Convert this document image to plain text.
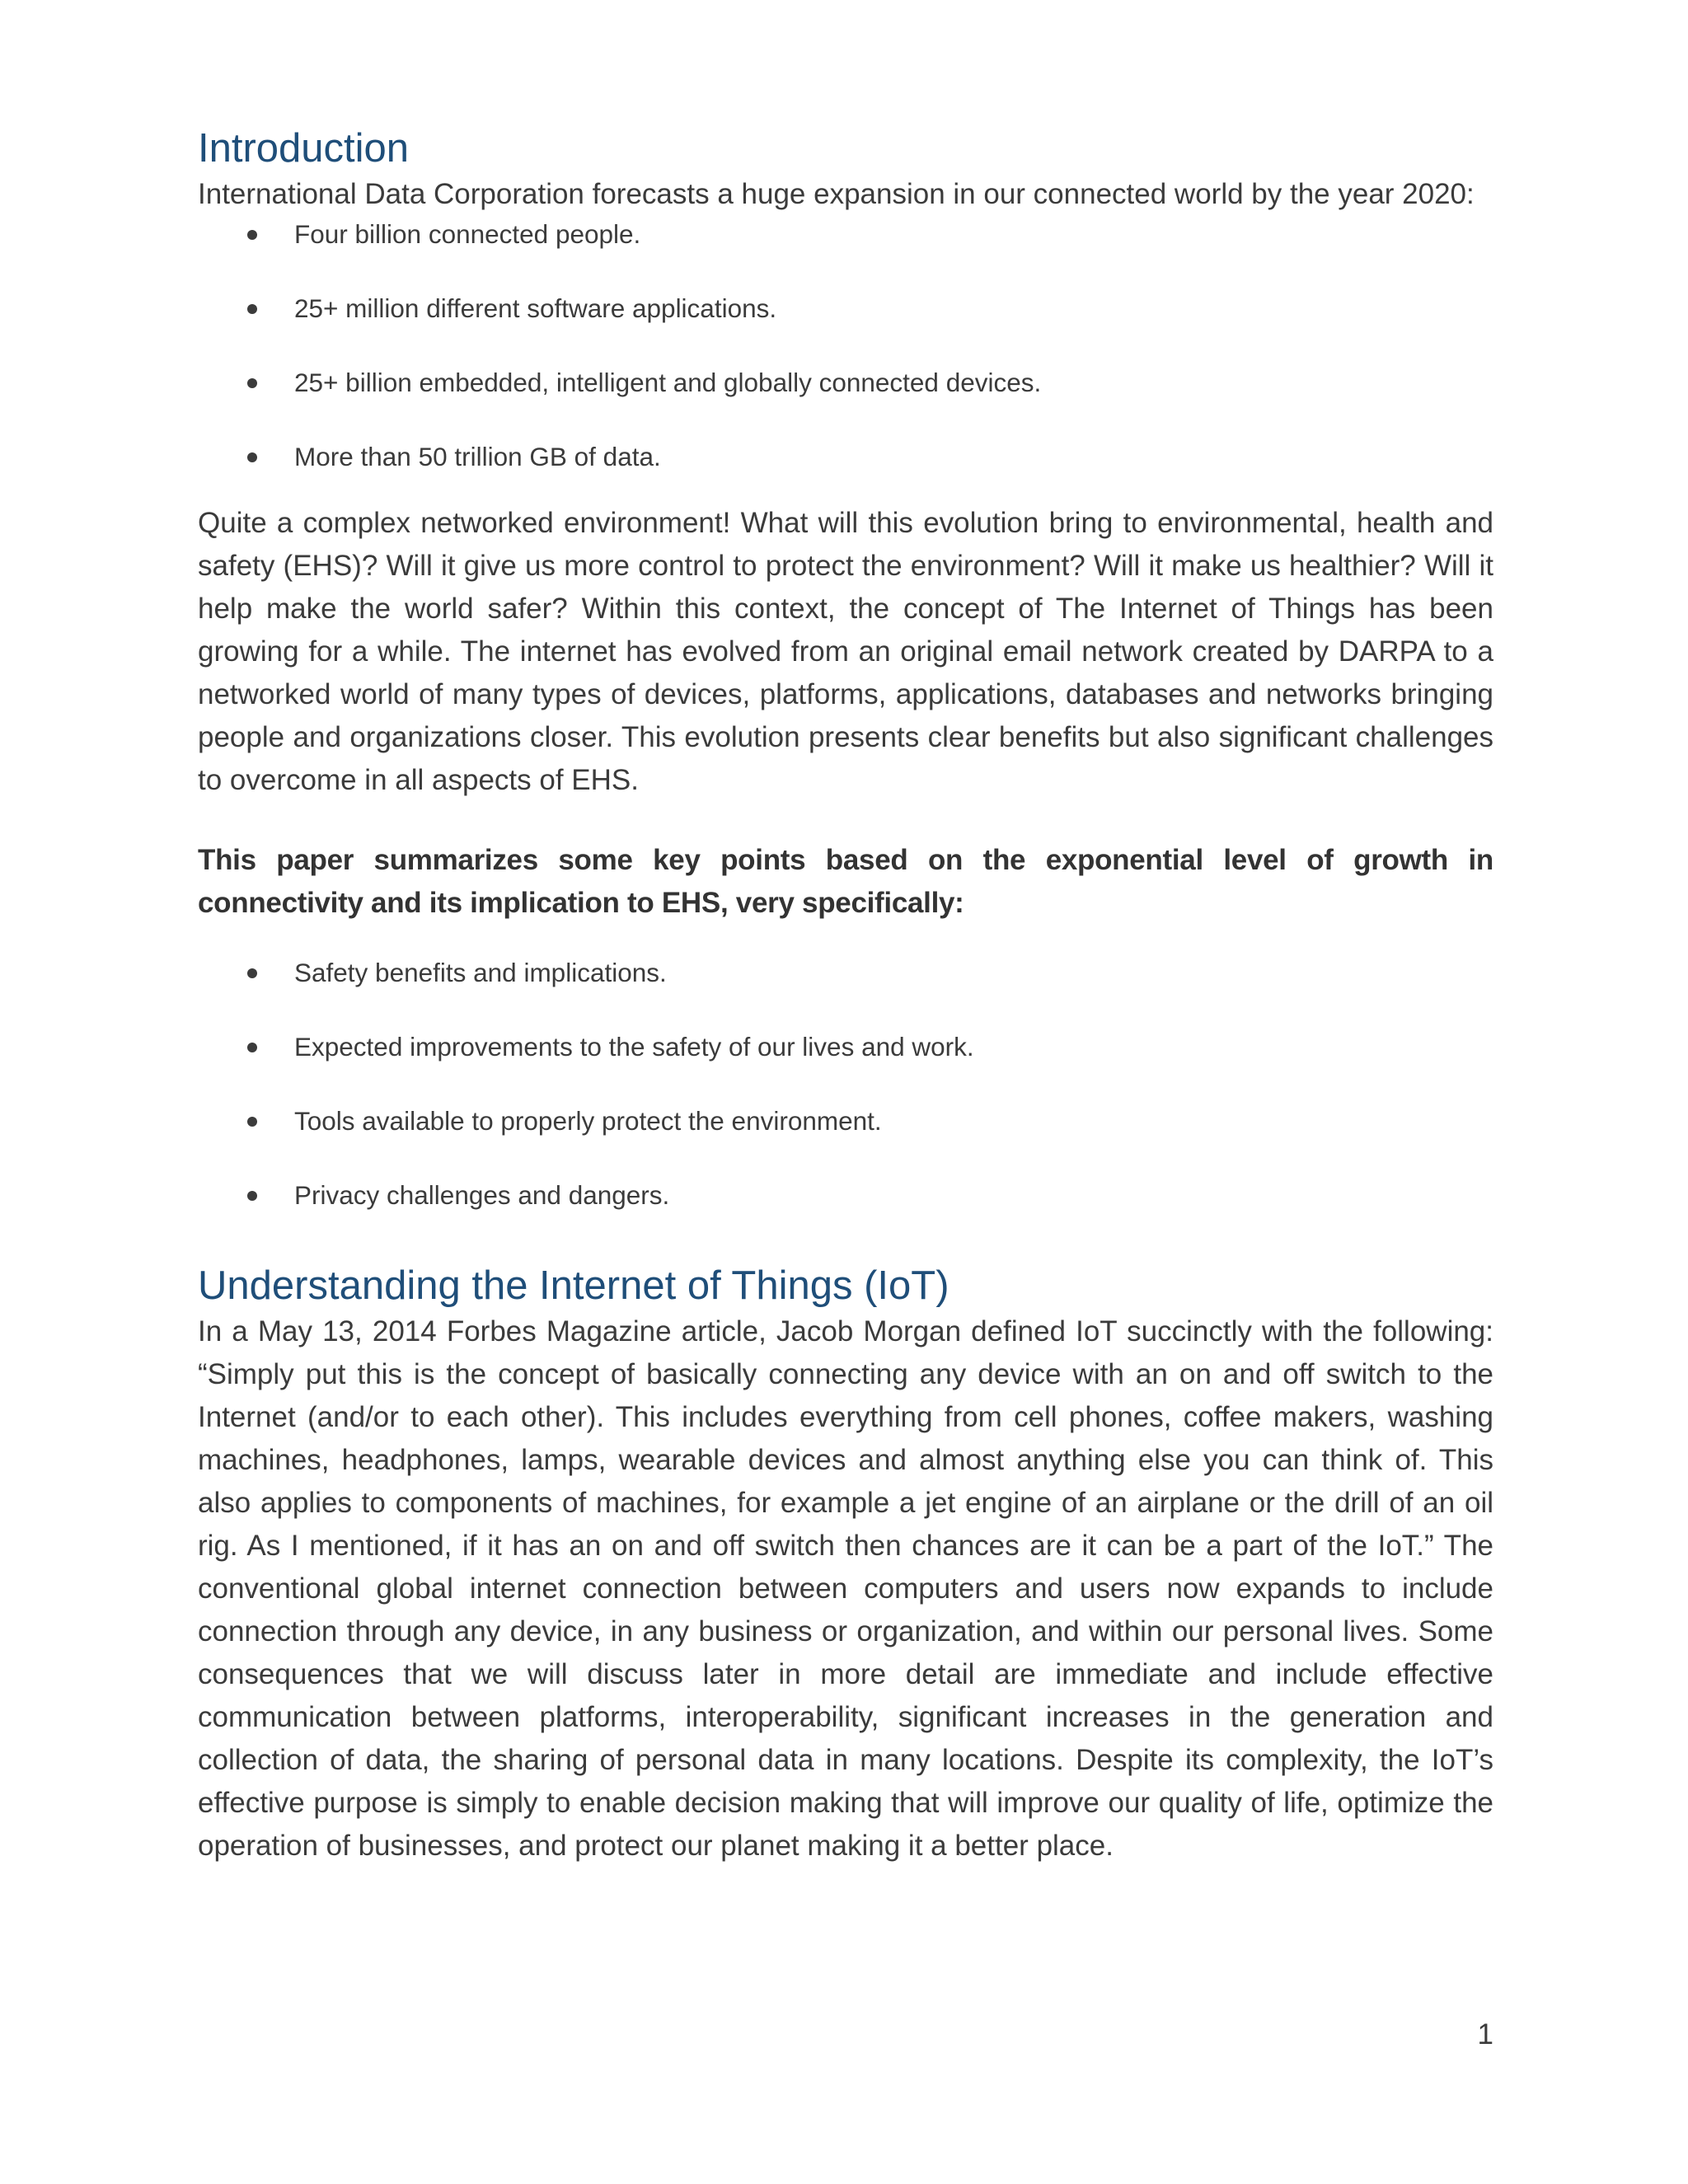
Introduction

International Data Corporation forecasts a huge expansion in our connected world by the year 2020:

Four billion connected people.
25+ million different software applications.
25+ billion embedded, intelligent and globally connected devices.
More than 50 trillion GB of data.

Quite a complex networked environment! What will this evolution bring to environmental, health and safety (EHS)? Will it give us more control to protect the environment? Will it make us healthier? Will it help make the world safer? Within this context, the concept of The Internet of Things has been growing for a while. The internet has evolved from an original email network created by DARPA to a networked world of many types of devices, platforms, applications, databases and networks bringing people and organizations closer. This evolution presents clear benefits but also significant challenges to overcome in all aspects of EHS.

This paper summarizes some key points based on the exponential level of growth in connectivity and its implication to EHS, very specifically:

Safety benefits and implications.
Expected improvements to the safety of our lives and work.
Tools available to properly protect the environment.
Privacy challenges and dangers.
Understanding the Internet of Things (IoT)

In a May 13, 2014 Forbes Magazine article, Jacob Morgan defined IoT succinctly with the following: “Simply put this is the concept of basically connecting any device with an on and off switch to the Internet (and/or to each other). This includes everything from cell phones, coffee makers, washing machines, headphones, lamps, wearable devices and almost anything else you can think of. This also applies to components of machines, for example a jet engine of an airplane or the drill of an oil rig. As I mentioned, if it has an on and off switch then chances are it can be a part of the IoT.” The conventional global internet connection between computers and users now expands to include connection through any device, in any business or organization, and within our personal lives. Some consequences that we will discuss later in more detail are immediate and include effective communication between platforms, interoperability, significant increases in the generation and collection of data, the sharing of personal data in many locations. Despite its complexity, the IoT’s effective purpose is simply to enable decision making that will improve our quality of life, optimize the operation of businesses, and protect our planet making it a better place.

1
